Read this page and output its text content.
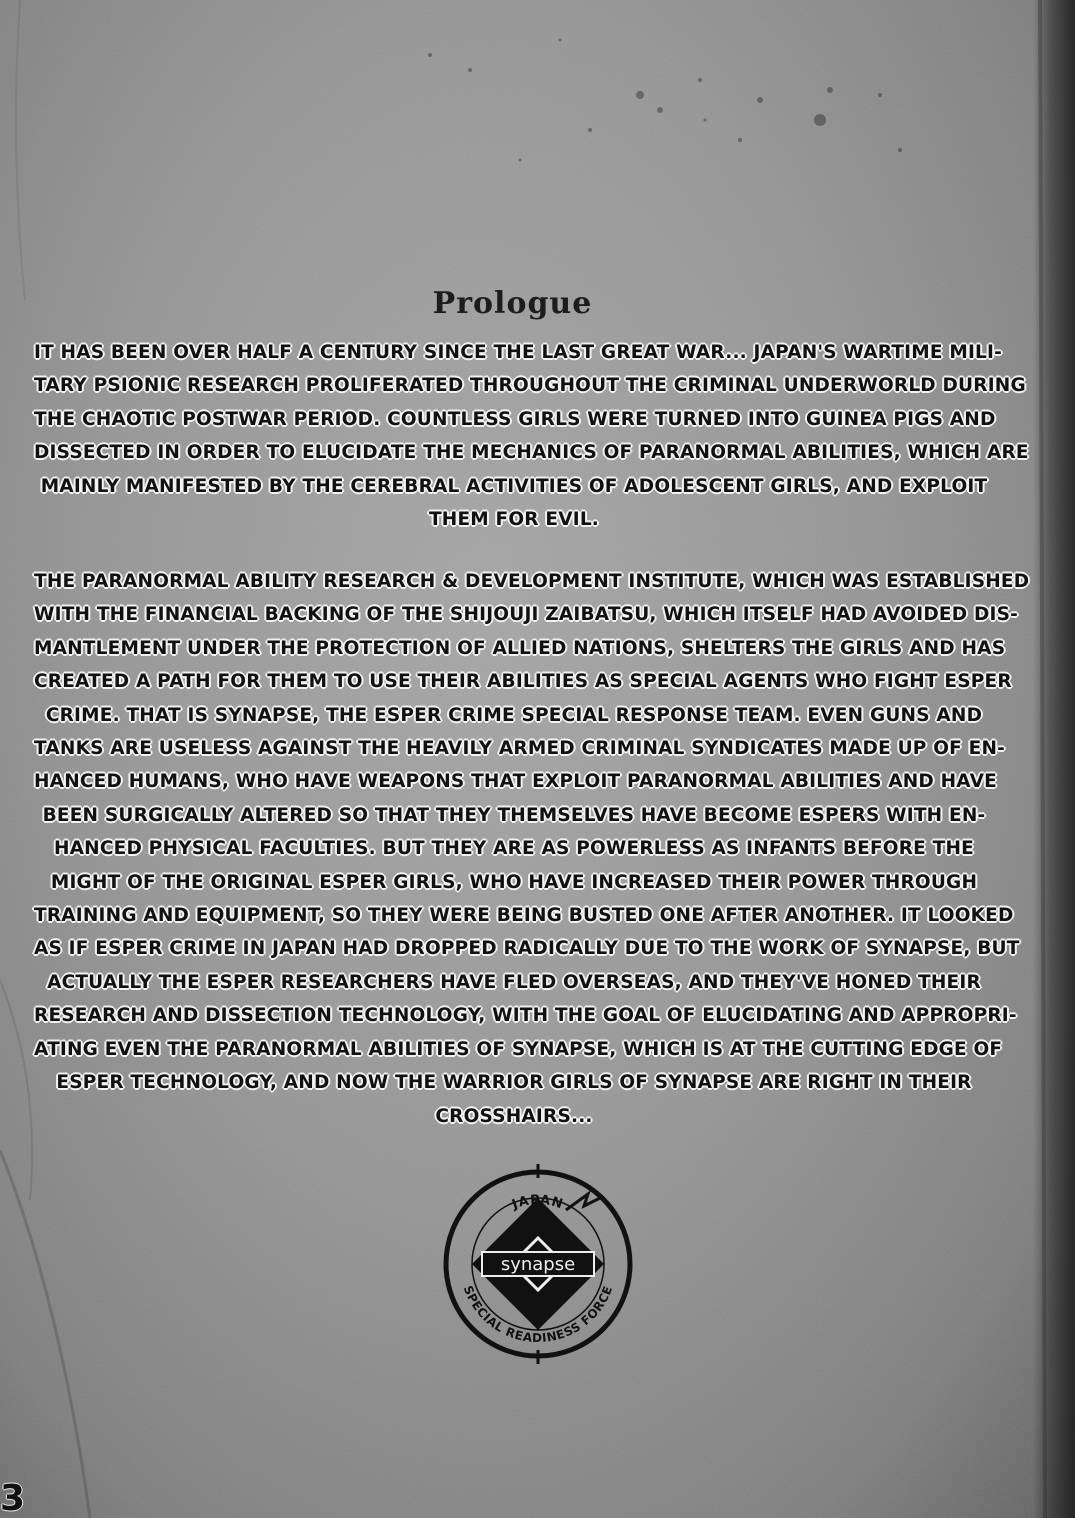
Prologue

IT HAS BEEN OVER HALF A CENTURY SINCE THE LAST GREAT WAR... JAPAN'S WARTIME MILI-
TARY PSIONIC RESEARCH PROLIFERATED THROUGHOUT THE CRIMINAL UNDERWORLD DURING
THE CHAOTIC POSTWAR PERIOD. COUNTLESS GIRLS WERE TURNED INTO GUINEA PIGS AND
DISSECTED IN ORDER TO ELUCIDATE THE MECHANICS OF PARANORMAL ABILITIES, WHICH ARE
MAINLY MANIFESTED BY THE CEREBRAL ACTIVITIES OF ADOLESCENT GIRLS, AND EXPLOIT
THEM FOR EVIL.

THE PARANORMAL ABILITY RESEARCH & DEVELOPMENT INSTITUTE, WHICH WAS ESTABLISHED
WITH THE FINANCIAL BACKING OF THE SHIJOUJI ZAIBATSU, WHICH ITSELF HAD AVOIDED DIS-
MANTLEMENT UNDER THE PROTECTION OF ALLIED NATIONS, SHELTERS THE GIRLS AND HAS
CREATED A PATH FOR THEM TO USE THEIR ABILITIES AS SPECIAL AGENTS WHO FIGHT ESPER
CRIME. THAT IS SYNAPSE, THE ESPER CRIME SPECIAL RESPONSE TEAM. EVEN GUNS AND
TANKS ARE USELESS AGAINST THE HEAVILY ARMED CRIMINAL SYNDICATES MADE UP OF EN-
HANCED HUMANS, WHO HAVE WEAPONS THAT EXPLOIT PARANORMAL ABILITIES AND HAVE
BEEN SURGICALLY ALTERED SO THAT THEY THEMSELVES HAVE BECOME ESPERS WITH EN-
HANCED PHYSICAL FACULTIES. BUT THEY ARE AS POWERLESS AS INFANTS BEFORE THE
MIGHT OF THE ORIGINAL ESPER GIRLS, WHO HAVE INCREASED THEIR POWER THROUGH
TRAINING AND EQUIPMENT, SO THEY WERE BEING BUSTED ONE AFTER ANOTHER. IT LOOKED
AS IF ESPER CRIME IN JAPAN HAD DROPPED RADICALLY DUE TO THE WORK OF SYNAPSE, BUT
ACTUALLY THE ESPER RESEARCHERS HAVE FLED OVERSEAS, AND THEY'VE HONED THEIR
RESEARCH AND DISSECTION TECHNOLOGY, WITH THE GOAL OF ELUCIDATING AND APPROPRI-
ATING EVEN THE PARANORMAL ABILITIES OF SYNAPSE, WHICH IS AT THE CUTTING EDGE OF
ESPER TECHNOLOGY, AND NOW THE WARRIOR GIRLS OF SYNAPSE ARE RIGHT IN THEIR
CROSSHAIRS...

synapse
JAPAN
SPECIAL READINESS FORCE
3
